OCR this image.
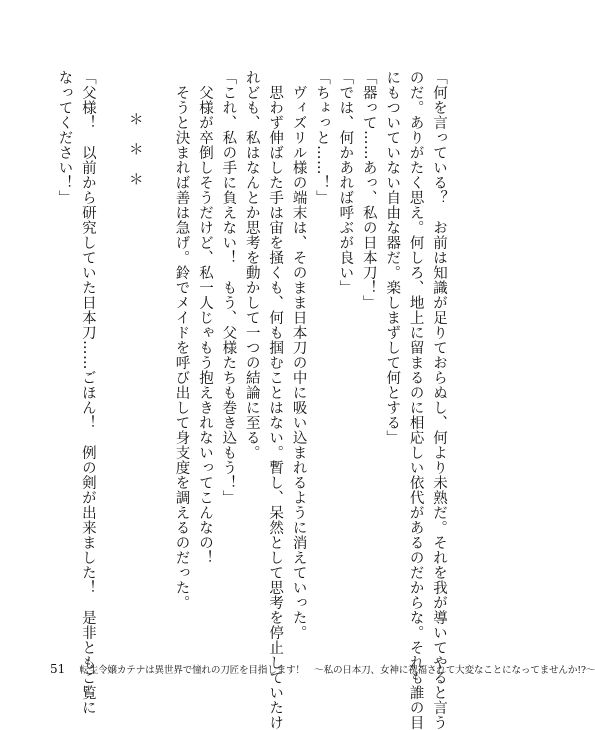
「何を言っている？　お前は知識が足りておらぬし、何より未熟だ。それを我が導いてやると言う
のだ。ありがたく思え。何しろ、地上に留まるのに相応しい依代があるのだからな。それも誰の目
にもついていない自由な器だ。楽しまずして何とする」
「器って……あっ、私の日本刀！」
「では、何かあれば呼ぶが良い」
「ちょっと……！」
　ヴィズリル様の端末は、そのまま日本刀の中に吸い込まれるように消えていった。
　思わず伸ばした手は宙を掻くも、何も掴むことはない。暫し、呆然として思考を停止していたけ
れども、私はなんとか思考を動かして一つの結論に至る。
「これ、私の手に負えない！　もう、父様たちも巻き込もう！」
　父様が卒倒しそうだけど、私一人じゃもう抱えきれないってこんなの！
　そうと決まれば善は急げ。鈴でメイドを呼び出して身支度を調えるのだった。

＊　＊　＊

「父様！　以前から研究していた日本刀……ごほん！　例の剣が出来ました！　是非ともご覧に
なってください！」
51 転生令嬢カテナは異世界で憧れの刀匠を目指します！　～私の日本刀、女神に祝福されて大変なことになってませんか!?～
